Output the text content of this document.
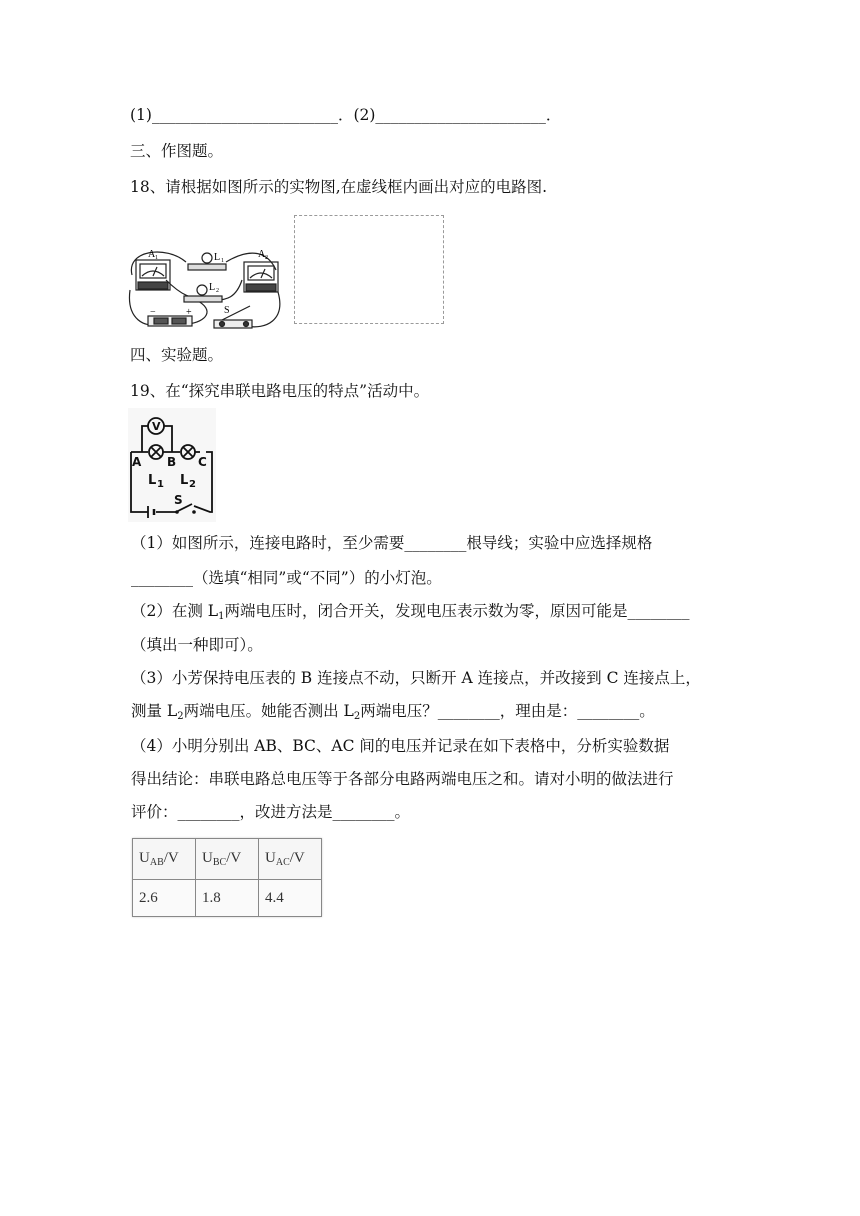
(1)________________________．(2)______________________．
三、作图题。
18、请根据如图所示的实物图,在虚线框内画出对应的电路图.
A 1	A 2
L 1
L 2
S
−	+
四、实验题。
19、在“探究串联电路电压的特点”活动中。
V
A B C
L 1 L 2
S
（1）如图所示，连接电路时，至少需要________根导线；实验中应选择规格
________（选填“相同”或“不同”）的小灯泡。
（2）在测 $L_1$两端电压时，闭合开关，发现电压表示数为零，原因可能是________
（填出一种即可）。
（3）小芳保持电压表的 B 连接点不动，只断开 A 连接点，并改接到 C 连接点上，
测量 $L_2$两端电压。她能否测出 $L_2$两端电压？________，理由是：________。
（4）小明分别出 AB、BC、AC 间的电压并记录在如下表格中，分析实验数据
得出结论：串联电路总电压等于各部分电路两端电压之和。请对小明的做法进行
评价：________，改进方法是________。
$U_{AB}/V$	$U_{BC}/V$	$U_{AC}/V$
2.6	1.8	4.4
